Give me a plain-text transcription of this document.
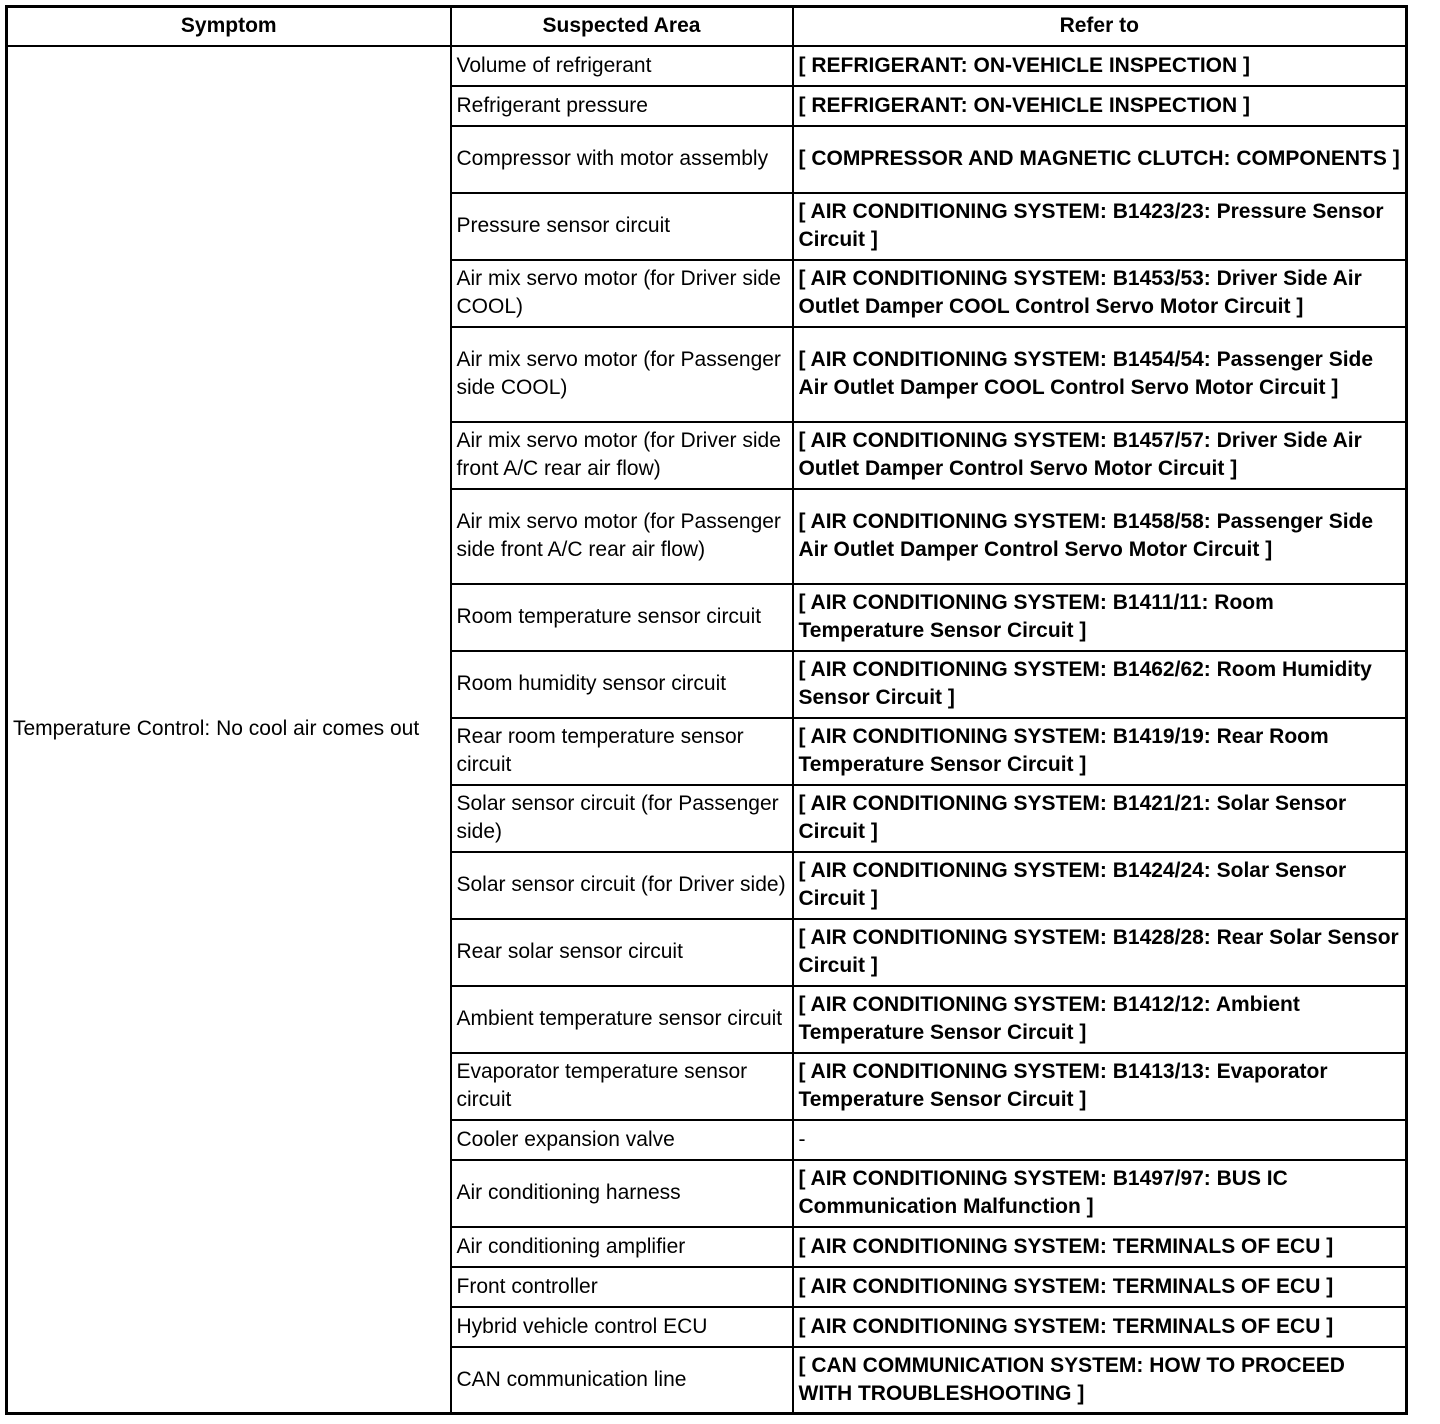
Symptom	Suspected Area	Refer to
Temperature Control: No cool air comes out	Volume of refrigerant	[ REFRIGERANT: ON-VEHICLE INSPECTION ]
	Refrigerant pressure	[ REFRIGERANT: ON-VEHICLE INSPECTION ]
	Compressor with motor assembly	[ COMPRESSOR AND MAGNETIC CLUTCH: COMPONENTS ]
	Pressure sensor circuit	[ AIR CONDITIONING SYSTEM: B1423/23: Pressure Sensor Circuit ]
	Air mix servo motor (for Driver side COOL)	[ AIR CONDITIONING SYSTEM: B1453/53: Driver Side Air Outlet Damper COOL Control Servo Motor Circuit ]
	Air mix servo motor (for Passenger side COOL)	[ AIR CONDITIONING SYSTEM: B1454/54: Passenger Side Air Outlet Damper COOL Control Servo Motor Circuit ]
	Air mix servo motor (for Driver side front A/C rear air flow)	[ AIR CONDITIONING SYSTEM: B1457/57: Driver Side Air Outlet Damper Control Servo Motor Circuit ]
	Air mix servo motor (for Passenger side front A/C rear air flow)	[ AIR CONDITIONING SYSTEM: B1458/58: Passenger Side Air Outlet Damper Control Servo Motor Circuit ]
	Room temperature sensor circuit	[ AIR CONDITIONING SYSTEM: B1411/11: Room Temperature Sensor Circuit ]
	Room humidity sensor circuit	[ AIR CONDITIONING SYSTEM: B1462/62: Room Humidity Sensor Circuit ]
	Rear room temperature sensor circuit	[ AIR CONDITIONING SYSTEM: B1419/19: Rear Room Temperature Sensor Circuit ]
	Solar sensor circuit (for Passenger side)	[ AIR CONDITIONING SYSTEM: B1421/21: Solar Sensor Circuit ]
	Solar sensor circuit (for Driver side)	[ AIR CONDITIONING SYSTEM: B1424/24: Solar Sensor Circuit ]
	Rear solar sensor circuit	[ AIR CONDITIONING SYSTEM: B1428/28: Rear Solar Sensor Circuit ]
	Ambient temperature sensor circuit	[ AIR CONDITIONING SYSTEM: B1412/12: Ambient Temperature Sensor Circuit ]
	Evaporator temperature sensor circuit	[ AIR CONDITIONING SYSTEM: B1413/13: Evaporator Temperature Sensor Circuit ]
	Cooler expansion valve	-
	Air conditioning harness	[ AIR CONDITIONING SYSTEM: B1497/97: BUS IC Communication Malfunction ]
	Air conditioning amplifier	[ AIR CONDITIONING SYSTEM: TERMINALS OF ECU ]
	Front controller	[ AIR CONDITIONING SYSTEM: TERMINALS OF ECU ]
	Hybrid vehicle control ECU	[ AIR CONDITIONING SYSTEM: TERMINALS OF ECU ]
	CAN communication line	[ CAN COMMUNICATION SYSTEM: HOW TO PROCEED WITH TROUBLESHOOTING ]
